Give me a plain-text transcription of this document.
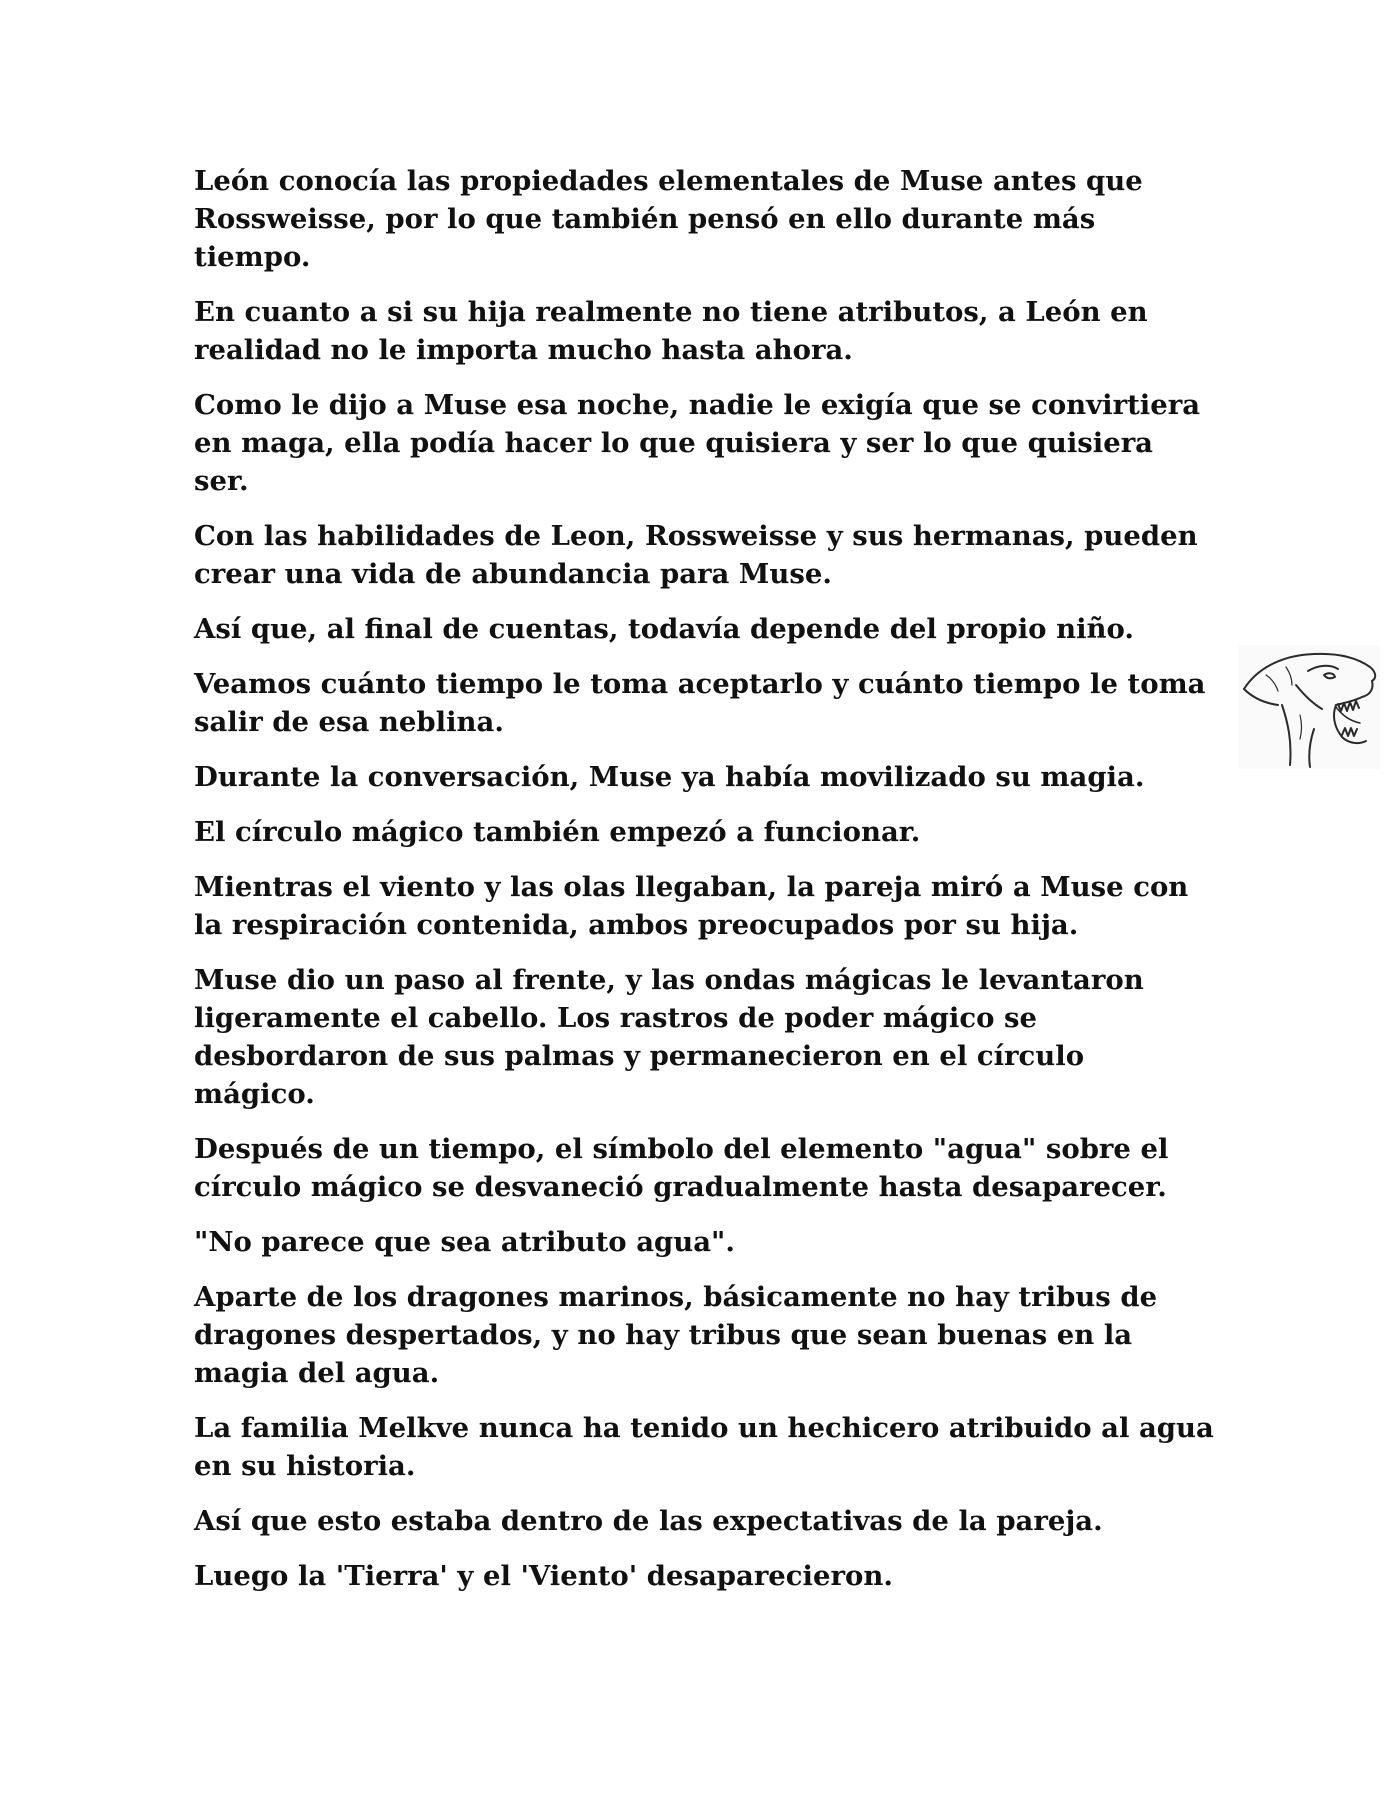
León conocía las propiedades elementales de Muse antes que Rossweisse, por lo que también pensó en ello durante más tiempo.

En cuanto a si su hija realmente no tiene atributos, a León en realidad no le importa mucho hasta ahora.

Como le dijo a Muse esa noche, nadie le exigía que se convirtiera en maga, ella podía hacer lo que quisiera y ser lo que quisiera ser.

Con las habilidades de Leon, Rossweisse y sus hermanas, pueden crear una vida de abundancia para Muse.

Así que, al final de cuentas, todavía depende del propio niño.

Veamos cuánto tiempo le toma aceptarlo y cuánto tiempo le toma salir de esa neblina.

Durante la conversación, Muse ya había movilizado su magia.

El círculo mágico también empezó a funcionar.

Mientras el viento y las olas llegaban, la pareja miró a Muse con la respiración contenida, ambos preocupados por su hija.

Muse dio un paso al frente, y las ondas mágicas le levantaron ligeramente el cabello. Los rastros de poder mágico se desbordaron de sus palmas y permanecieron en el círculo mágico.

Después de un tiempo, el símbolo del elemento "agua" sobre el círculo mágico se desvaneció gradualmente hasta desaparecer.

"No parece que sea atributo agua".

Aparte de los dragones marinos, básicamente no hay tribus de dragones despertados, y no hay tribus que sean buenas en la magia del agua.

La familia Melkve nunca ha tenido un hechicero atribuido al agua en su historia.

Así que esto estaba dentro de las expectativas de la pareja.

Luego la 'Tierra' y el 'Viento' desaparecieron.
